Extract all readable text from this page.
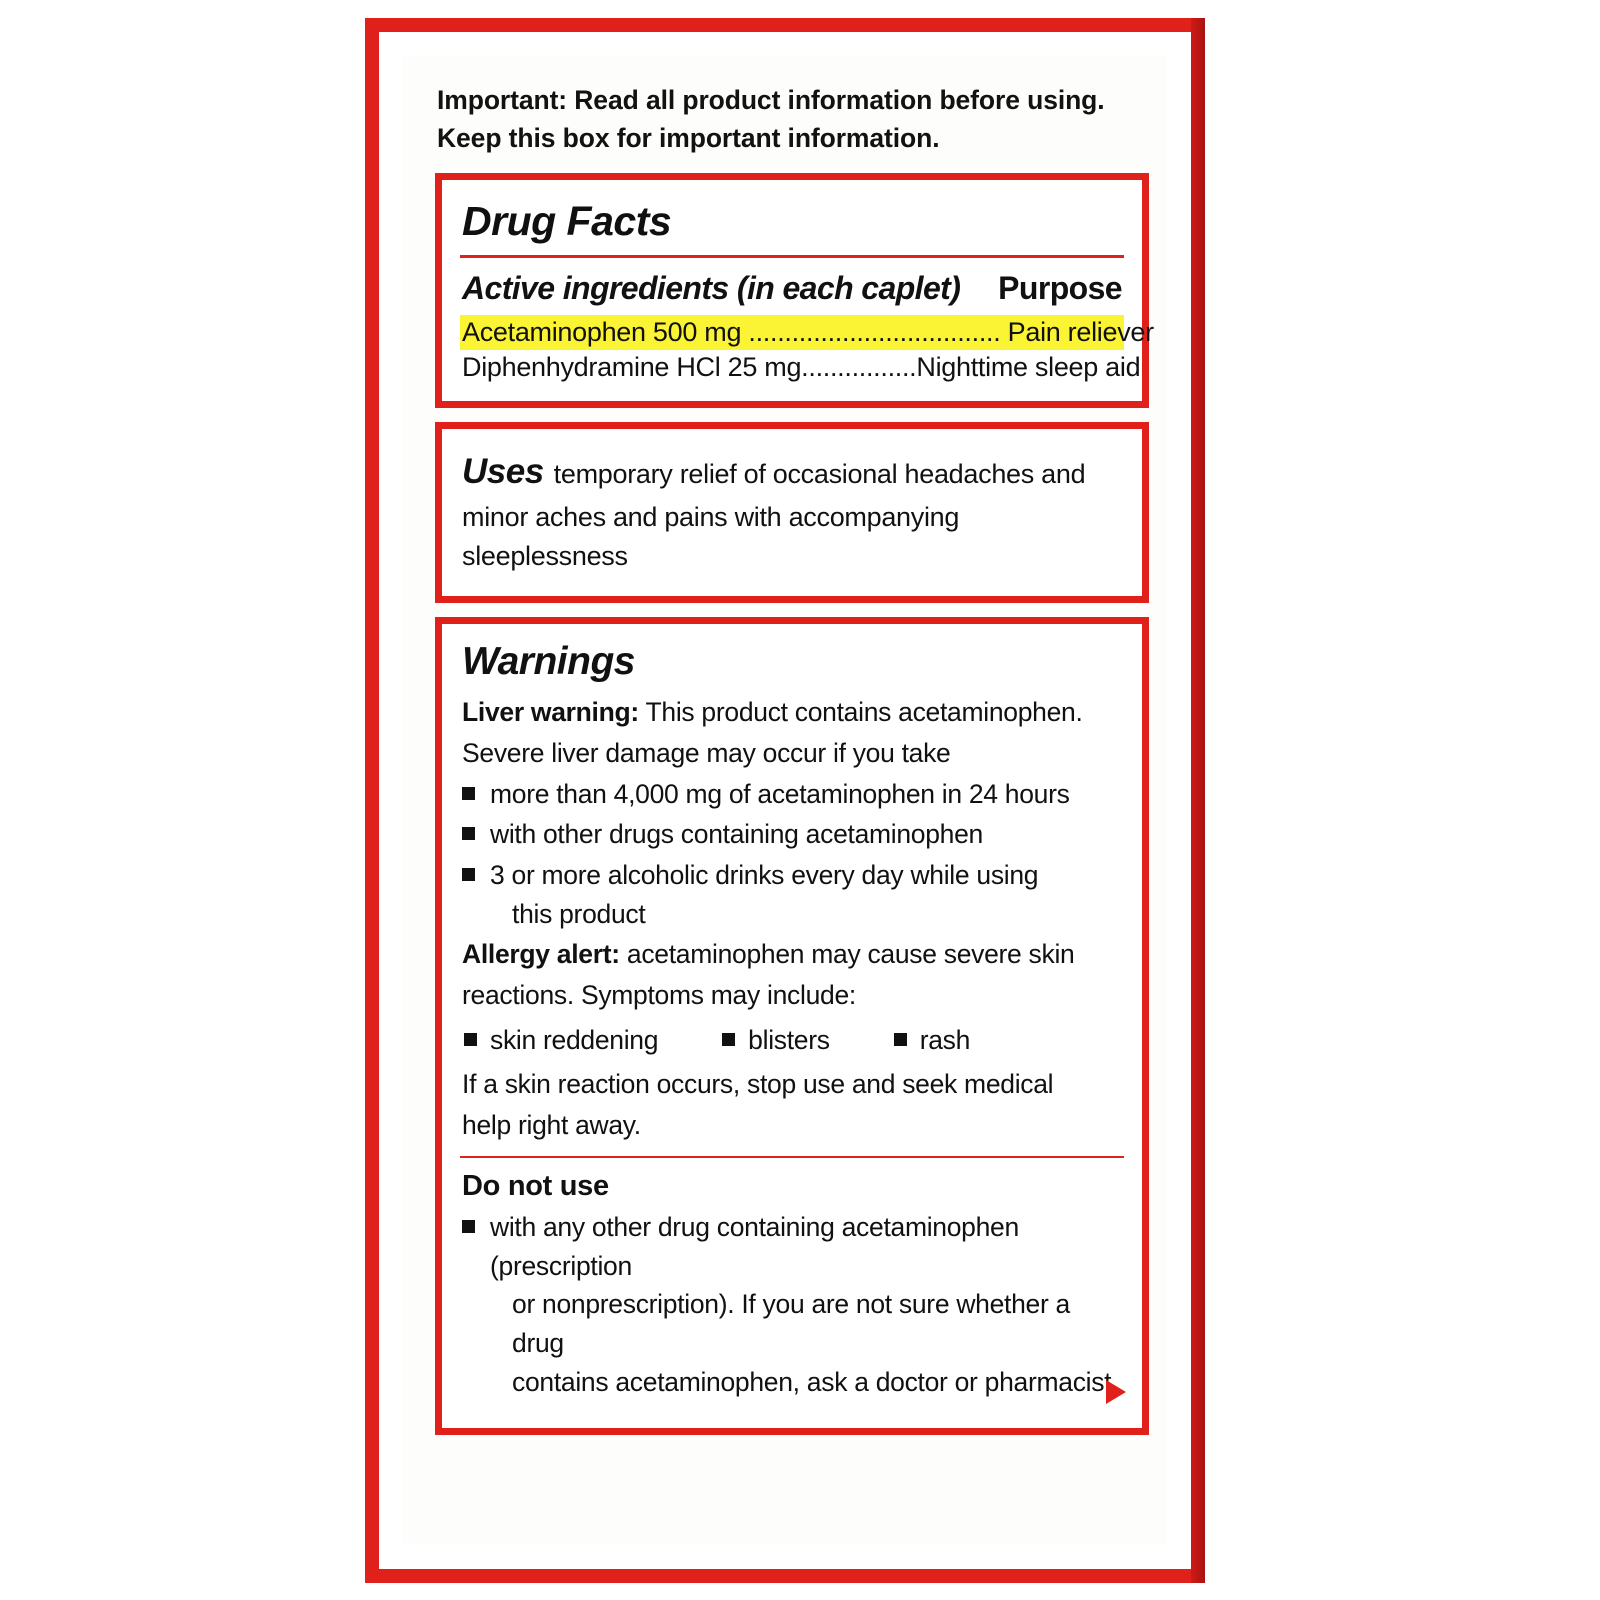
Important: Read all product information before using.
Keep this box for important information.
Drug Facts
Active ingredients (in each caplet) Purpose
Acetaminophen 500 mg ................................... Pain reliever
Diphenhydramine HCl 25 mg................Nighttime sleep aid
Uses temporary relief of occasional headaches and
minor aches and pains with accompanying sleeplessness
Warnings
Liver warning: This product contains acetaminophen.
Severe liver damage may occur if you take
more than 4,000 mg of acetaminophen in 24 hours
with other drugs containing acetaminophen
3 or more alcoholic drinks every day while using
this product
Allergy alert: acetaminophen may cause severe skin
reactions. Symptoms may include:
skin reddening	blisters	rash
If a skin reaction occurs, stop use and seek medical
help right away.
Do not use
with any other drug containing acetaminophen (prescription
or nonprescription). If you are not sure whether a drug
contains acetaminophen, ask a doctor or pharmacist.
